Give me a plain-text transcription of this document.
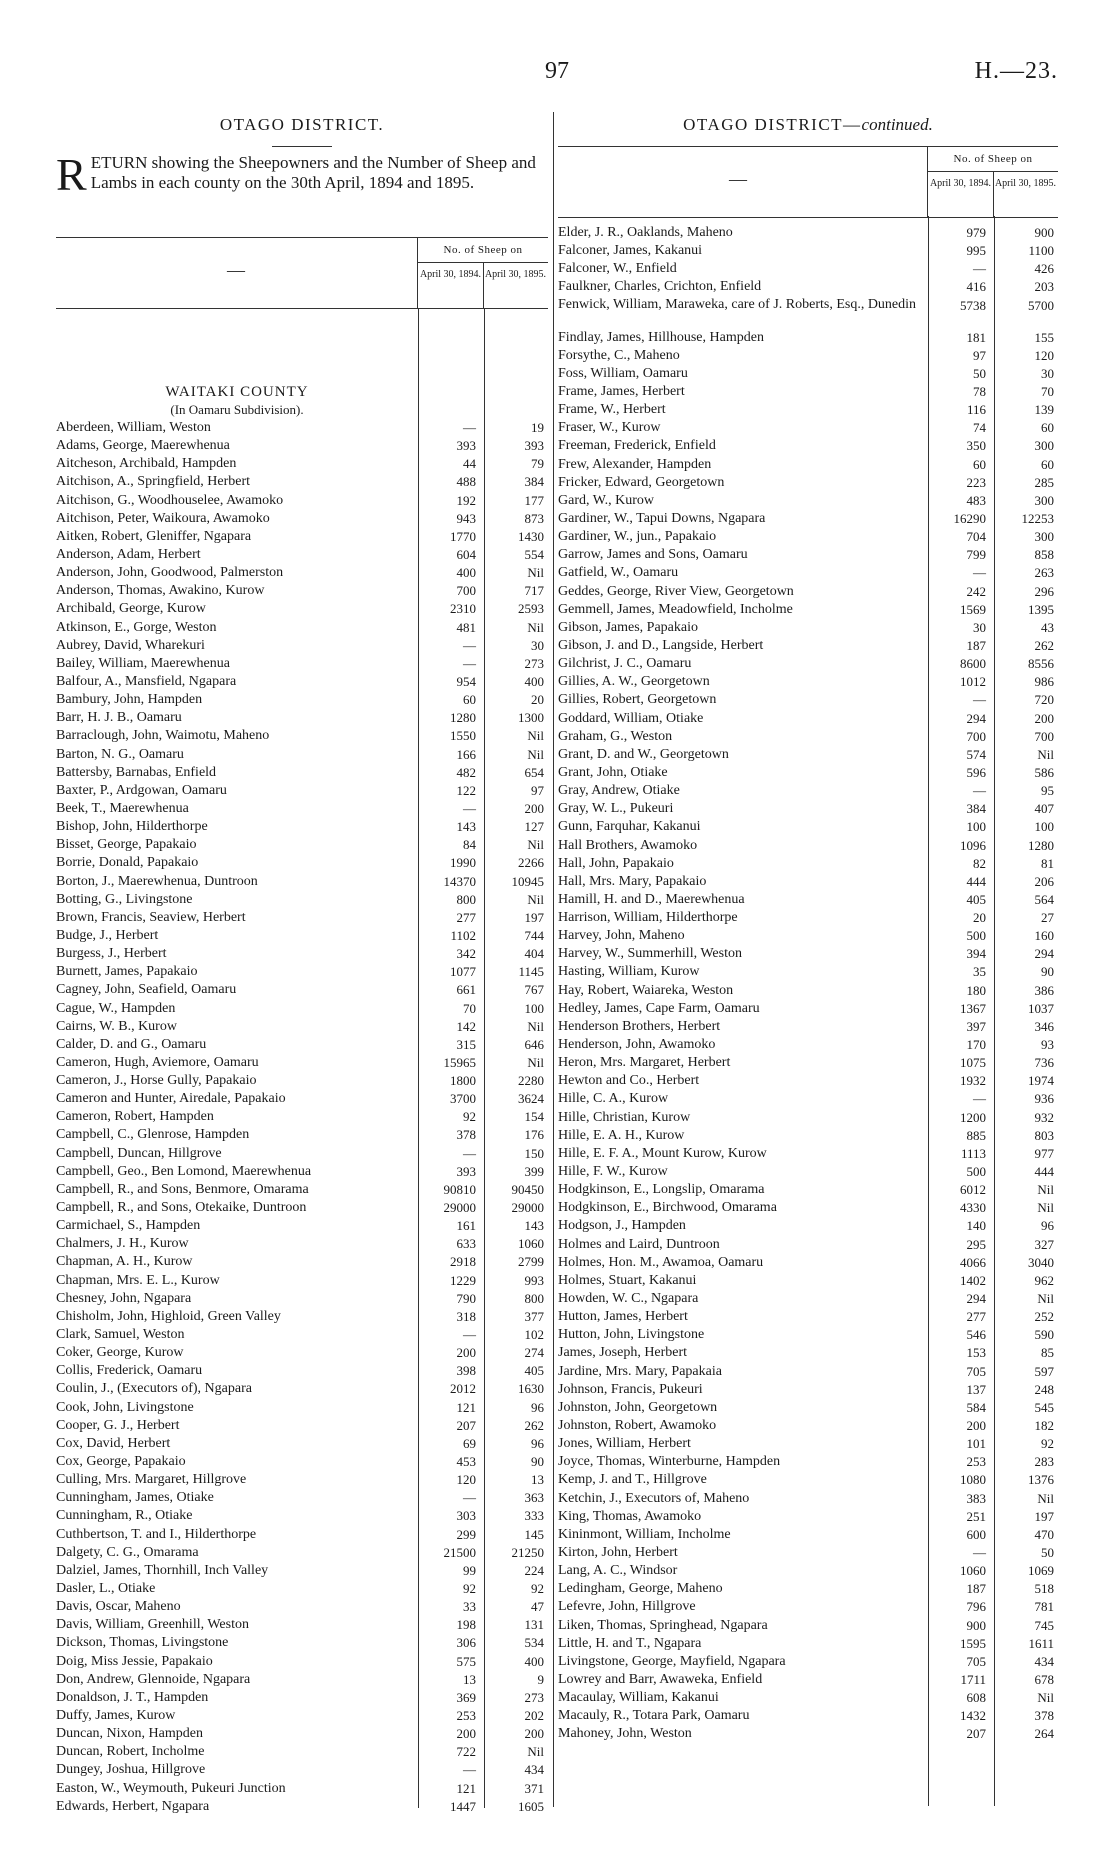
97	H.—23.
OTAGO DISTRICT.

R ETURN showing the Sheepowners and the Number of Sheep and Lambs in each county on the 30th April, 1894 and 1895.

—
No. of Sheep on
April 30, 1894. April 30, 1895.
WAITAKI COUNTY
(In Oamaru Subdivision).
Aberdeen, William, Weston	—	19
Adams, George, Maerewhenua	393	393
Aitcheson, Archibald, Hampden	44	79
Aitchison, A., Springfield, Herbert	488	384
Aitchison, G., Woodhouselee, Awamoko	192	177
Aitchison, Peter, Waikoura, Awamoko	943	873
Aitken, Robert, Gleniffer, Ngapara	1770	1430
Anderson, Adam, Herbert	604	554
Anderson, John, Goodwood, Palmerston	400	Nil
Anderson, Thomas, Awakino, Kurow	700	717
Archibald, George, Kurow	2310	2593
Atkinson, E., Gorge, Weston	481	Nil
Aubrey, David, Wharekuri	—	30
Bailey, William, Maerewhenua	—	273
Balfour, A., Mansfield, Ngapara	954	400
Bambury, John, Hampden	60	20
Barr, H. J. B., Oamaru	1280	1300
Barraclough, John, Waimotu, Maheno	1550	Nil
Barton, N. G., Oamaru	166	Nil
Battersby, Barnabas, Enfield	482	654
Baxter, P., Ardgowan, Oamaru	122	97
Beek, T., Maerewhenua	—	200
Bishop, John, Hilderthorpe	143	127
Bisset, George, Papakaio	84	Nil
Borrie, Donald, Papakaio	1990	2266
Borton, J., Maerewhenua, Duntroon	14370	10945
Botting, G., Livingstone	800	Nil
Brown, Francis, Seaview, Herbert	277	197
Budge, J., Herbert	1102	744
Burgess, J., Herbert	342	404
Burnett, James, Papakaio	1077	1145
Cagney, John, Seafield, Oamaru	661	767
Cague, W., Hampden	70	100
Cairns, W. B., Kurow	142	Nil
Calder, D. and G., Oamaru	315	646
Cameron, Hugh, Aviemore, Oamaru	15965	Nil
Cameron, J., Horse Gully, Papakaio	1800	2280
Cameron and Hunter, Airedale, Papakaio	3700	3624
Cameron, Robert, Hampden	92	154
Campbell, C., Glenrose, Hampden	378	176
Campbell, Duncan, Hillgrove	—	150
Campbell, Geo., Ben Lomond, Maerewhenua	393	399
Campbell, R., and Sons, Benmore, Omarama	90810	90450
Campbell, R., and Sons, Otekaike, Duntroon	29000	29000
Carmichael, S., Hampden	161	143
Chalmers, J. H., Kurow	633	1060
Chapman, A. H., Kurow	2918	2799
Chapman, Mrs. E. L., Kurow	1229	993
Chesney, John, Ngapara	790	800
Chisholm, John, Highloid, Green Valley	318	377
Clark, Samuel, Weston	—	102
Coker, George, Kurow	200	274
Collis, Frederick, Oamaru	398	405
Coulin, J., (Executors of), Ngapara	2012	1630
Cook, John, Livingstone	121	96
Cooper, G. J., Herbert	207	262
Cox, David, Herbert	69	96
Cox, George, Papakaio	453	90
Culling, Mrs. Margaret, Hillgrove	120	13
Cunningham, James, Otiake	—	363
Cunningham, R., Otiake	303	333
Cuthbertson, T. and I., Hilderthorpe	299	145
Dalgety, C. G., Omarama	21500	21250
Dalziel, James, Thornhill, Inch Valley	99	224
Dasler, L., Otiake	92	92
Davis, Oscar, Maheno	33	47
Davis, William, Greenhill, Weston	198	131
Dickson, Thomas, Livingstone	306	534
Doig, Miss Jessie, Papakaio	575	400
Don, Andrew, Glennoide, Ngapara	13	9
Donaldson, J. T., Hampden	369	273
Duffy, James, Kurow	253	202
Duncan, Nixon, Hampden	200	200
Duncan, Robert, Incholme	722	Nil
Dungey, Joshua, Hillgrove	—	434
Easton, W., Weymouth, Pukeuri Junction	121	371
Edwards, Herbert, Ngapara	1447	1605
OTAGO DISTRICT—continued.
—
No. of Sheep on
April 30, 1894. April 30, 1895.
Elder, J. R., Oaklands, Maheno	979	900
Falconer, James, Kakanui	995	1100
Falconer, W., Enfield	—	426
Faulkner, Charles, Crichton, Enfield	416	203
Fenwick, William, Maraweka, care of J. Roberts, Esq., Dunedin	5738	5700
Findlay, James, Hillhouse, Hampden	181	155
Forsythe, C., Maheno	97	120
Foss, William, Oamaru	50	30
Frame, James, Herbert	78	70
Frame, W., Herbert	116	139
Fraser, W., Kurow	74	60
Freeman, Frederick, Enfield	350	300
Frew, Alexander, Hampden	60	60
Fricker, Edward, Georgetown	223	285
Gard, W., Kurow	483	300
Gardiner, W., Tapui Downs, Ngapara	16290	12253
Gardiner, W., jun., Papakaio	704	300
Garrow, James and Sons, Oamaru	799	858
Gatfield, W., Oamaru	—	263
Geddes, George, River View, Georgetown	242	296
Gemmell, James, Meadowfield, Incholme	1569	1395
Gibson, James, Papakaio	30	43
Gibson, J. and D., Langside, Herbert	187	262
Gilchrist, J. C., Oamaru	8600	8556
Gillies, A. W., Georgetown	1012	986
Gillies, Robert, Georgetown	—	720
Goddard, William, Otiake	294	200
Graham, G., Weston	700	700
Grant, D. and W., Georgetown	574	Nil
Grant, John, Otiake	596	586
Gray, Andrew, Otiake	—	95
Gray, W. L., Pukeuri	384	407
Gunn, Farquhar, Kakanui	100	100
Hall Brothers, Awamoko	1096	1280
Hall, John, Papakaio	82	81
Hall, Mrs. Mary, Papakaio	444	206
Hamill, H. and D., Maerewhenua	405	564
Harrison, William, Hilderthorpe	20	27
Harvey, John, Maheno	500	160
Harvey, W., Summerhill, Weston	394	294
Hasting, William, Kurow	35	90
Hay, Robert, Waiareka, Weston	180	386
Hedley, James, Cape Farm, Oamaru	1367	1037
Henderson Brothers, Herbert	397	346
Henderson, John, Awamoko	170	93
Heron, Mrs. Margaret, Herbert	1075	736
Hewton and Co., Herbert	1932	1974
Hille, C. A., Kurow	—	936
Hille, Christian, Kurow	1200	932
Hille, E. A. H., Kurow	885	803
Hille, E. F. A., Mount Kurow, Kurow	1113	977
Hille, F. W., Kurow	500	444
Hodgkinson, E., Longslip, Omarama	6012	Nil
Hodgkinson, E., Birchwood, Omarama	4330	Nil
Hodgson, J., Hampden	140	96
Holmes and Laird, Duntroon	295	327
Holmes, Hon. M., Awamoa, Oamaru	4066	3040
Holmes, Stuart, Kakanui	1402	962
Howden, W. C., Ngapara	294	Nil
Hutton, James, Herbert	277	252
Hutton, John, Livingstone	546	590
James, Joseph, Herbert	153	85
Jardine, Mrs. Mary, Papakaia	705	597
Johnson, Francis, Pukeuri	137	248
Johnston, John, Georgetown	584	545
Johnston, Robert, Awamoko	200	182
Jones, William, Herbert	101	92
Joyce, Thomas, Winterburne, Hampden	253	283
Kemp, J. and T., Hillgrove	1080	1376
Ketchin, J., Executors of, Maheno	383	Nil
King, Thomas, Awamoko	251	197
Kininmont, William, Incholme	600	470
Kirton, John, Herbert	—	50
Lang, A. C., Windsor	1060	1069
Ledingham, George, Maheno	187	518
Lefevre, John, Hillgrove	796	781
Liken, Thomas, Springhead, Ngapara	900	745
Little, H. and T., Ngapara	1595	1611
Livingstone, George, Mayfield, Ngapara	705	434
Lowrey and Barr, Awaweka, Enfield	1711	678
Macaulay, William, Kakanui	608	Nil
Macauly, R., Totara Park, Oamaru	1432	378
Mahoney, John, Weston	207	264
